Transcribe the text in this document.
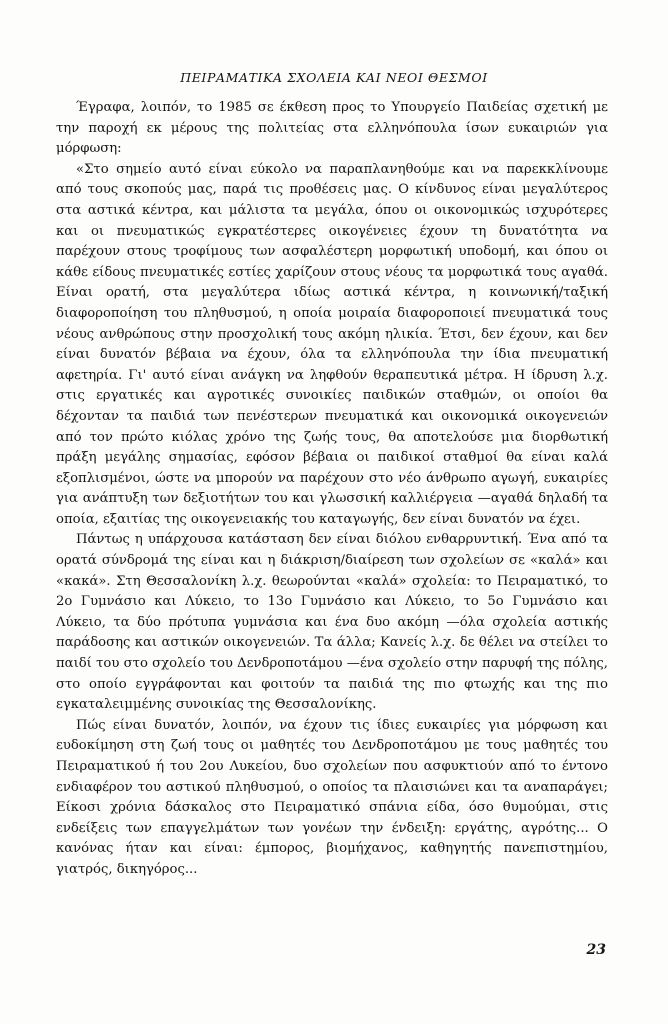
ΠΕΙΡΑΜΑΤΙΚΑ ΣΧΟΛΕΙΑ ΚΑΙ ΝΕΟΙ ΘΕΣΜΟΙ

Έγραφα, λοιπόν, το 1985 σε έκθεση προς το Υπουργείο Παιδείας σχετική με την παροχή εκ μέρους της πολιτείας στα ελληνόπουλα ίσων ευκαιριών για μόρφωση:

«Στο σημείο αυτό είναι εύκολο να παραπλανηθούμε και να παρεκκλίνουμε από τους σκοπούς μας, παρά τις προθέσεις μας. Ο κίνδυνος είναι μεγαλύτερος στα αστικά κέντρα, και μάλιστα τα μεγάλα, όπου οι οικονομικώς ισχυρότερες και οι πνευματικώς εγκρατέστερες οικογένειες έχουν τη δυνατότητα να παρέχουν στους τροφίμους των ασφαλέστερη μορφωτική υποδομή, και όπου οι κάθε είδους πνευματικές εστίες χαρίζουν στους νέους τα μορφωτικά τους αγαθά. Είναι ορατή, στα μεγαλύτερα ιδίως αστικά κέντρα, η κοινωνική/ταξική διαφοροποίηση του πληθυσμού, η οποία μοιραία διαφοροποιεί πνευματικά τους νέους ανθρώπους στην προσχολική τους ακόμη ηλικία. Έτσι, δεν έχουν, και δεν είναι δυνατόν βέβαια να έχουν, όλα τα ελληνόπουλα την ίδια πνευματική αφετηρία. Γι' αυτό είναι ανάγκη να ληφθούν θεραπευτικά μέτρα. Η ίδρυση λ.χ. στις εργατικές και αγροτικές συνοικίες παιδικών σταθμών, οι οποίοι θα δέχονταν τα παιδιά των πενέστερων πνευματικά και οικονομικά οικογενειών από τον πρώτο κιόλας χρόνο της ζωής τους, θα αποτελούσε μια διορθωτική πράξη μεγάλης σημασίας, εφόσον βέβαια οι παιδικοί σταθμοί θα είναι καλά εξοπλισμένοι, ώστε να μπορούν να παρέχουν στο νέο άνθρωπο αγωγή, ευκαιρίες για ανάπτυξη των δεξιοτήτων του και γλωσσική καλλιέργεια —αγαθά δηλαδή τα οποία, εξαιτίας της οικογενειακής του καταγωγής, δεν είναι δυνατόν να έχει.

Πάντως η υπάρχουσα κατάσταση δεν είναι διόλου ενθαρρυντική. Ένα από τα ορατά σύνδρομά της είναι και η διάκριση/διαίρεση των σχολείων σε «καλά» και «κακά». Στη Θεσσαλονίκη λ.χ. θεωρούνται «καλά» σχολεία: το Πειραματικό, το 2ο Γυμνάσιο και Λύκειο, το 13ο Γυμνάσιο και Λύκειο, το 5ο Γυμνάσιο και Λύκειο, τα δύο πρότυπα γυμνάσια και ένα δυο ακόμη —όλα σχολεία αστικής παράδοσης και αστικών οικογενειών. Τα άλλα; Κανείς λ.χ. δε θέλει να στείλει το παιδί του στο σχολείο του Δενδροποτάμου —ένα σχολείο στην παρυφή της πόλης, στο οποίο εγγράφονται και φοιτούν τα παιδιά της πιο φτωχής και της πιο εγκαταλειμμένης συνοικίας της Θεσσαλονίκης.

Πώς είναι δυνατόν, λοιπόν, να έχουν τις ίδιες ευκαιρίες για μόρφωση και ευδοκίμηση στη ζωή τους οι μαθητές του Δενδροποτάμου με τους μαθητές του Πειραματικού ή του 2ου Λυκείου, δυο σχολείων που ασφυκτιούν από το έντονο ενδιαφέρον του αστικού πληθυσμού, ο οποίος τα πλαισιώνει και τα αναπαράγει; Είκοσι χρόνια δάσκαλος στο Πειραματικό σπάνια είδα, όσο θυμούμαι, στις ενδείξεις των επαγγελμάτων των γονέων την ένδειξη: εργάτης, αγρότης... Ο κανόνας ήταν και είναι: έμπορος, βιομήχανος, καθηγητής πανεπιστημίου, γιατρός, δικηγόρος...

23
